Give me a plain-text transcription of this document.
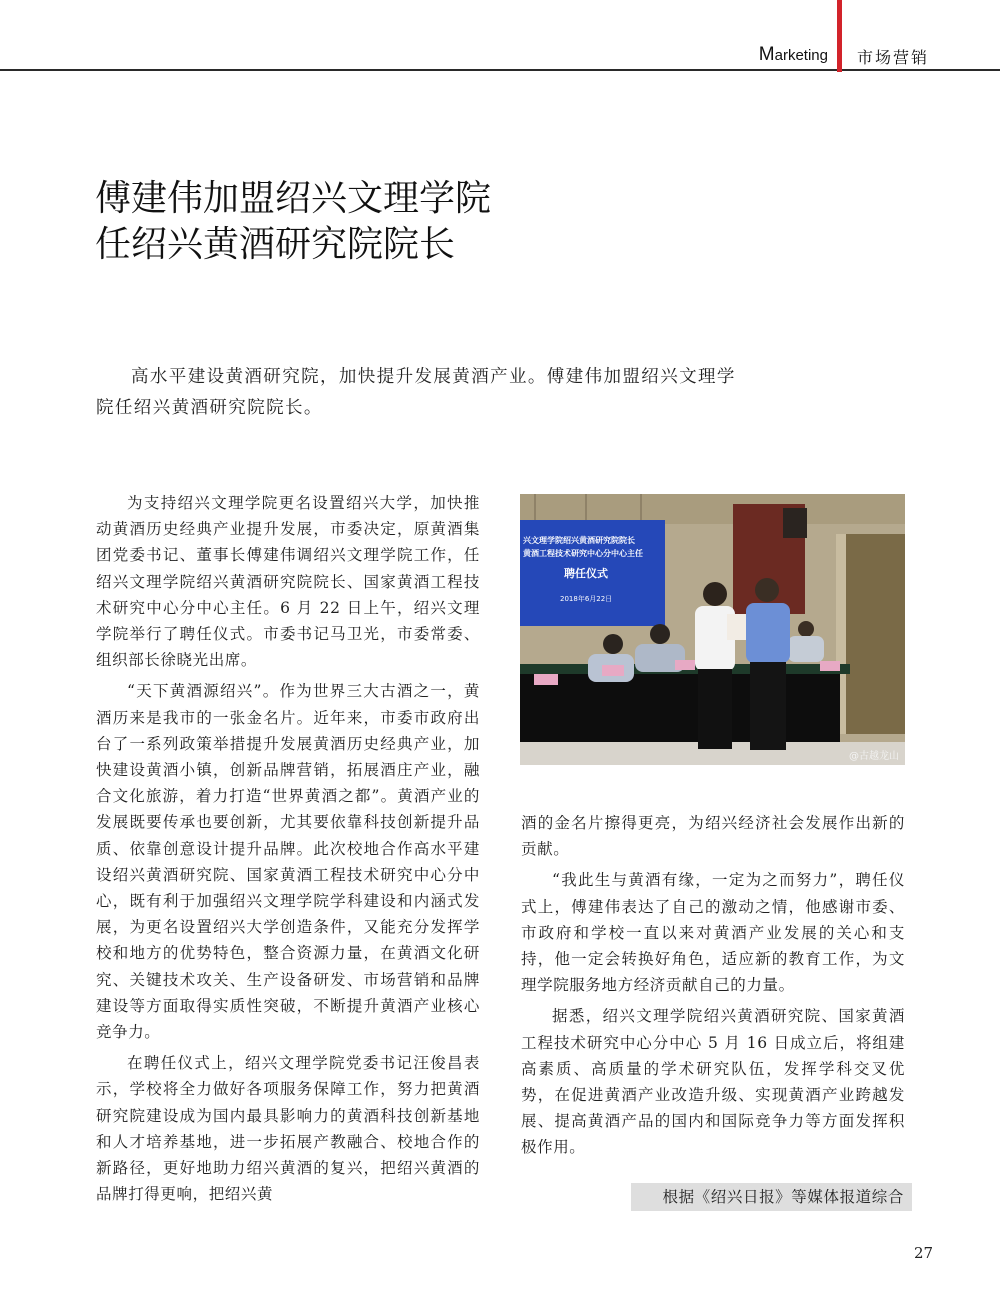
Marketing 市场营销
傅建伟加盟绍兴文理学院
任绍兴黄酒研究院院长
高水平建设黄酒研究院，加快提升发展黄酒产业。傅建伟加盟绍兴文理学院任绍兴黄酒研究院院长。

为支持绍兴文理学院更名设置绍兴大学，加快推动黄酒历史经典产业提升发展，市委决定，原黄酒集团党委书记、董事长傅建伟调绍兴文理学院工作，任绍兴文理学院绍兴黄酒研究院院长、国家黄酒工程技术研究中心分中心主任。6 月 22 日上午，绍兴文理学院举行了聘任仪式。市委书记马卫光，市委常委、组织部长徐晓光出席。

“天下黄酒源绍兴”。作为世界三大古酒之一，黄酒历来是我市的一张金名片。近年来，市委市政府出台了一系列政策举措提升发展黄酒历史经典产业，加快建设黄酒小镇，创新品牌营销，拓展酒庄产业，融合文化旅游，着力打造“世界黄酒之都”。黄酒产业的发展既要传承也要创新，尤其要依靠科技创新提升品质、依靠创意设计提升品牌。此次校地合作高水平建设绍兴黄酒研究院、国家黄酒工程技术研究中心分中心，既有利于加强绍兴文理学院学科建设和内涵式发展，为更名设置绍兴大学创造条件，又能充分发挥学校和地方的优势特色，整合资源力量，在黄酒文化研究、关键技术攻关、生产设备研发、市场营销和品牌建设等方面取得实质性突破，不断提升黄酒产业核心竞争力。

在聘任仪式上，绍兴文理学院党委书记汪俊昌表示，学校将全力做好各项服务保障工作，努力把黄酒研究院建设成为国内最具影响力的黄酒科技创新基地和人才培养基地，进一步拓展产教融合、校地合作的新路径，更好地助力绍兴黄酒的复兴，把绍兴黄酒的品牌打得更响，把绍兴黄

兴文理学院绍兴黄酒研究院院长
黄酒工程技术研究中心分中心主任
聘任仪式
2018年6月22日
@古越龙山

酒的金名片擦得更亮，为绍兴经济社会发展作出新的贡献。

“我此生与黄酒有缘，一定为之而努力”，聘任仪式上，傅建伟表达了自己的激动之情，他感谢市委、市政府和学校一直以来对黄酒产业发展的关心和支持，他一定会转换好角色，适应新的教育工作，为文理学院服务地方经济贡献自己的力量。

据悉，绍兴文理学院绍兴黄酒研究院、国家黄酒工程技术研究中心分中心 5 月 16 日成立后，将组建高素质、高质量的学术研究队伍，发挥学科交叉优势，在促进黄酒产业改造升级、实现黄酒产业跨越发展、提高黄酒产品的国内和国际竞争力等方面发挥积极作用。

根据《绍兴日报》等媒体报道综合
27
